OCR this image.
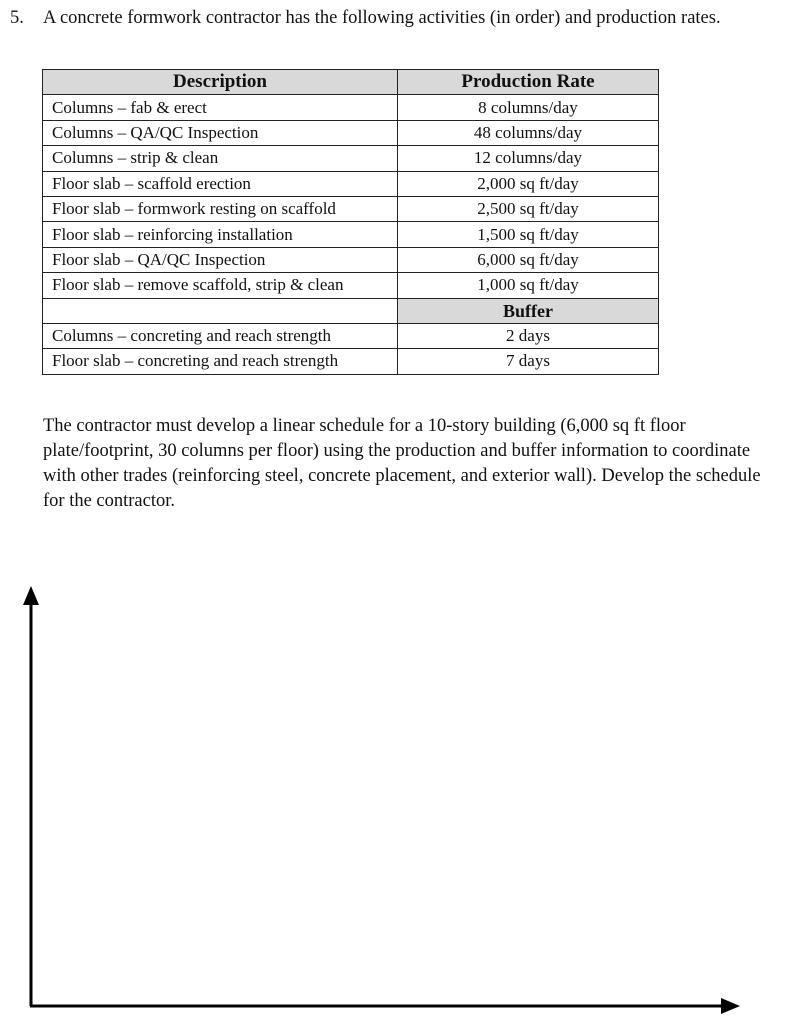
5. A concrete formwork contractor has the following activities (in order) and production rates.
Description	Production Rate
Columns – fab & erect	8 columns/day
Columns – QA/QC Inspection	48 columns/day
Columns – strip & clean	12 columns/day
Floor slab – scaffold erection	2,000 sq ft/day
Floor slab – formwork resting on scaffold	2,500 sq ft/day
Floor slab – reinforcing installation	1,500 sq ft/day
Floor slab – QA/QC Inspection	6,000 sq ft/day
Floor slab – remove scaffold, strip & clean	1,000 sq ft/day
	Buffer
Columns – concreting and reach strength	2 days
Floor slab – concreting and reach strength	7 days
The contractor must develop a linear schedule for a 10-story building (6,000 sq ft floor plate/footprint, 30 columns per floor) using the production and buffer information to coordinate with other trades (reinforcing steel, concrete placement, and exterior wall). Develop the schedule for the contractor.
